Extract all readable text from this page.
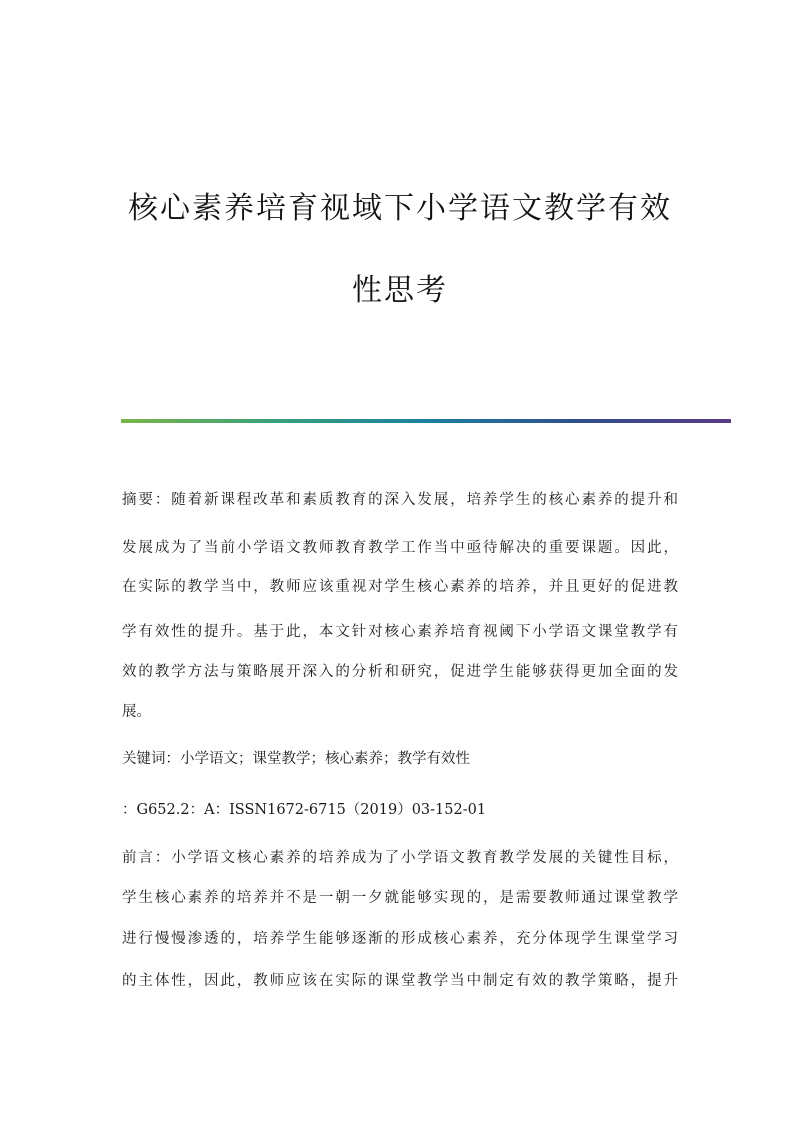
核心素养培育视域下小学语文教学有效
性思考
摘要：随着新课程改革和素质教育的深入发展，培养学生的核心素养的提升和
发展成为了当前小学语文教师教育教学工作当中亟待解决的重要课题。因此，
在实际的教学当中，教师应该重视对学生核心素养的培养，并且更好的促进教
学有效性的提升。基于此，本文针对核心素养培育视阈下小学语文课堂教学有
效的教学方法与策略展开深入的分析和研究，促进学生能够获得更加全面的发
展。
关键词：小学语文；课堂教学；核心素养；教学有效性
：G652.2：A：ISSN1672-6715（2019）03-152-01
前言：小学语文核心素养的培养成为了小学语文教育教学发展的关键性目标，
学生核心素养的培养并不是一朝一夕就能够实现的，是需要教师通过课堂教学
进行慢慢渗透的，培养学生能够逐渐的形成核心素养，充分体现学生课堂学习
的主体性，因此，教师应该在实际的课堂教学当中制定有效的教学策略，提升
